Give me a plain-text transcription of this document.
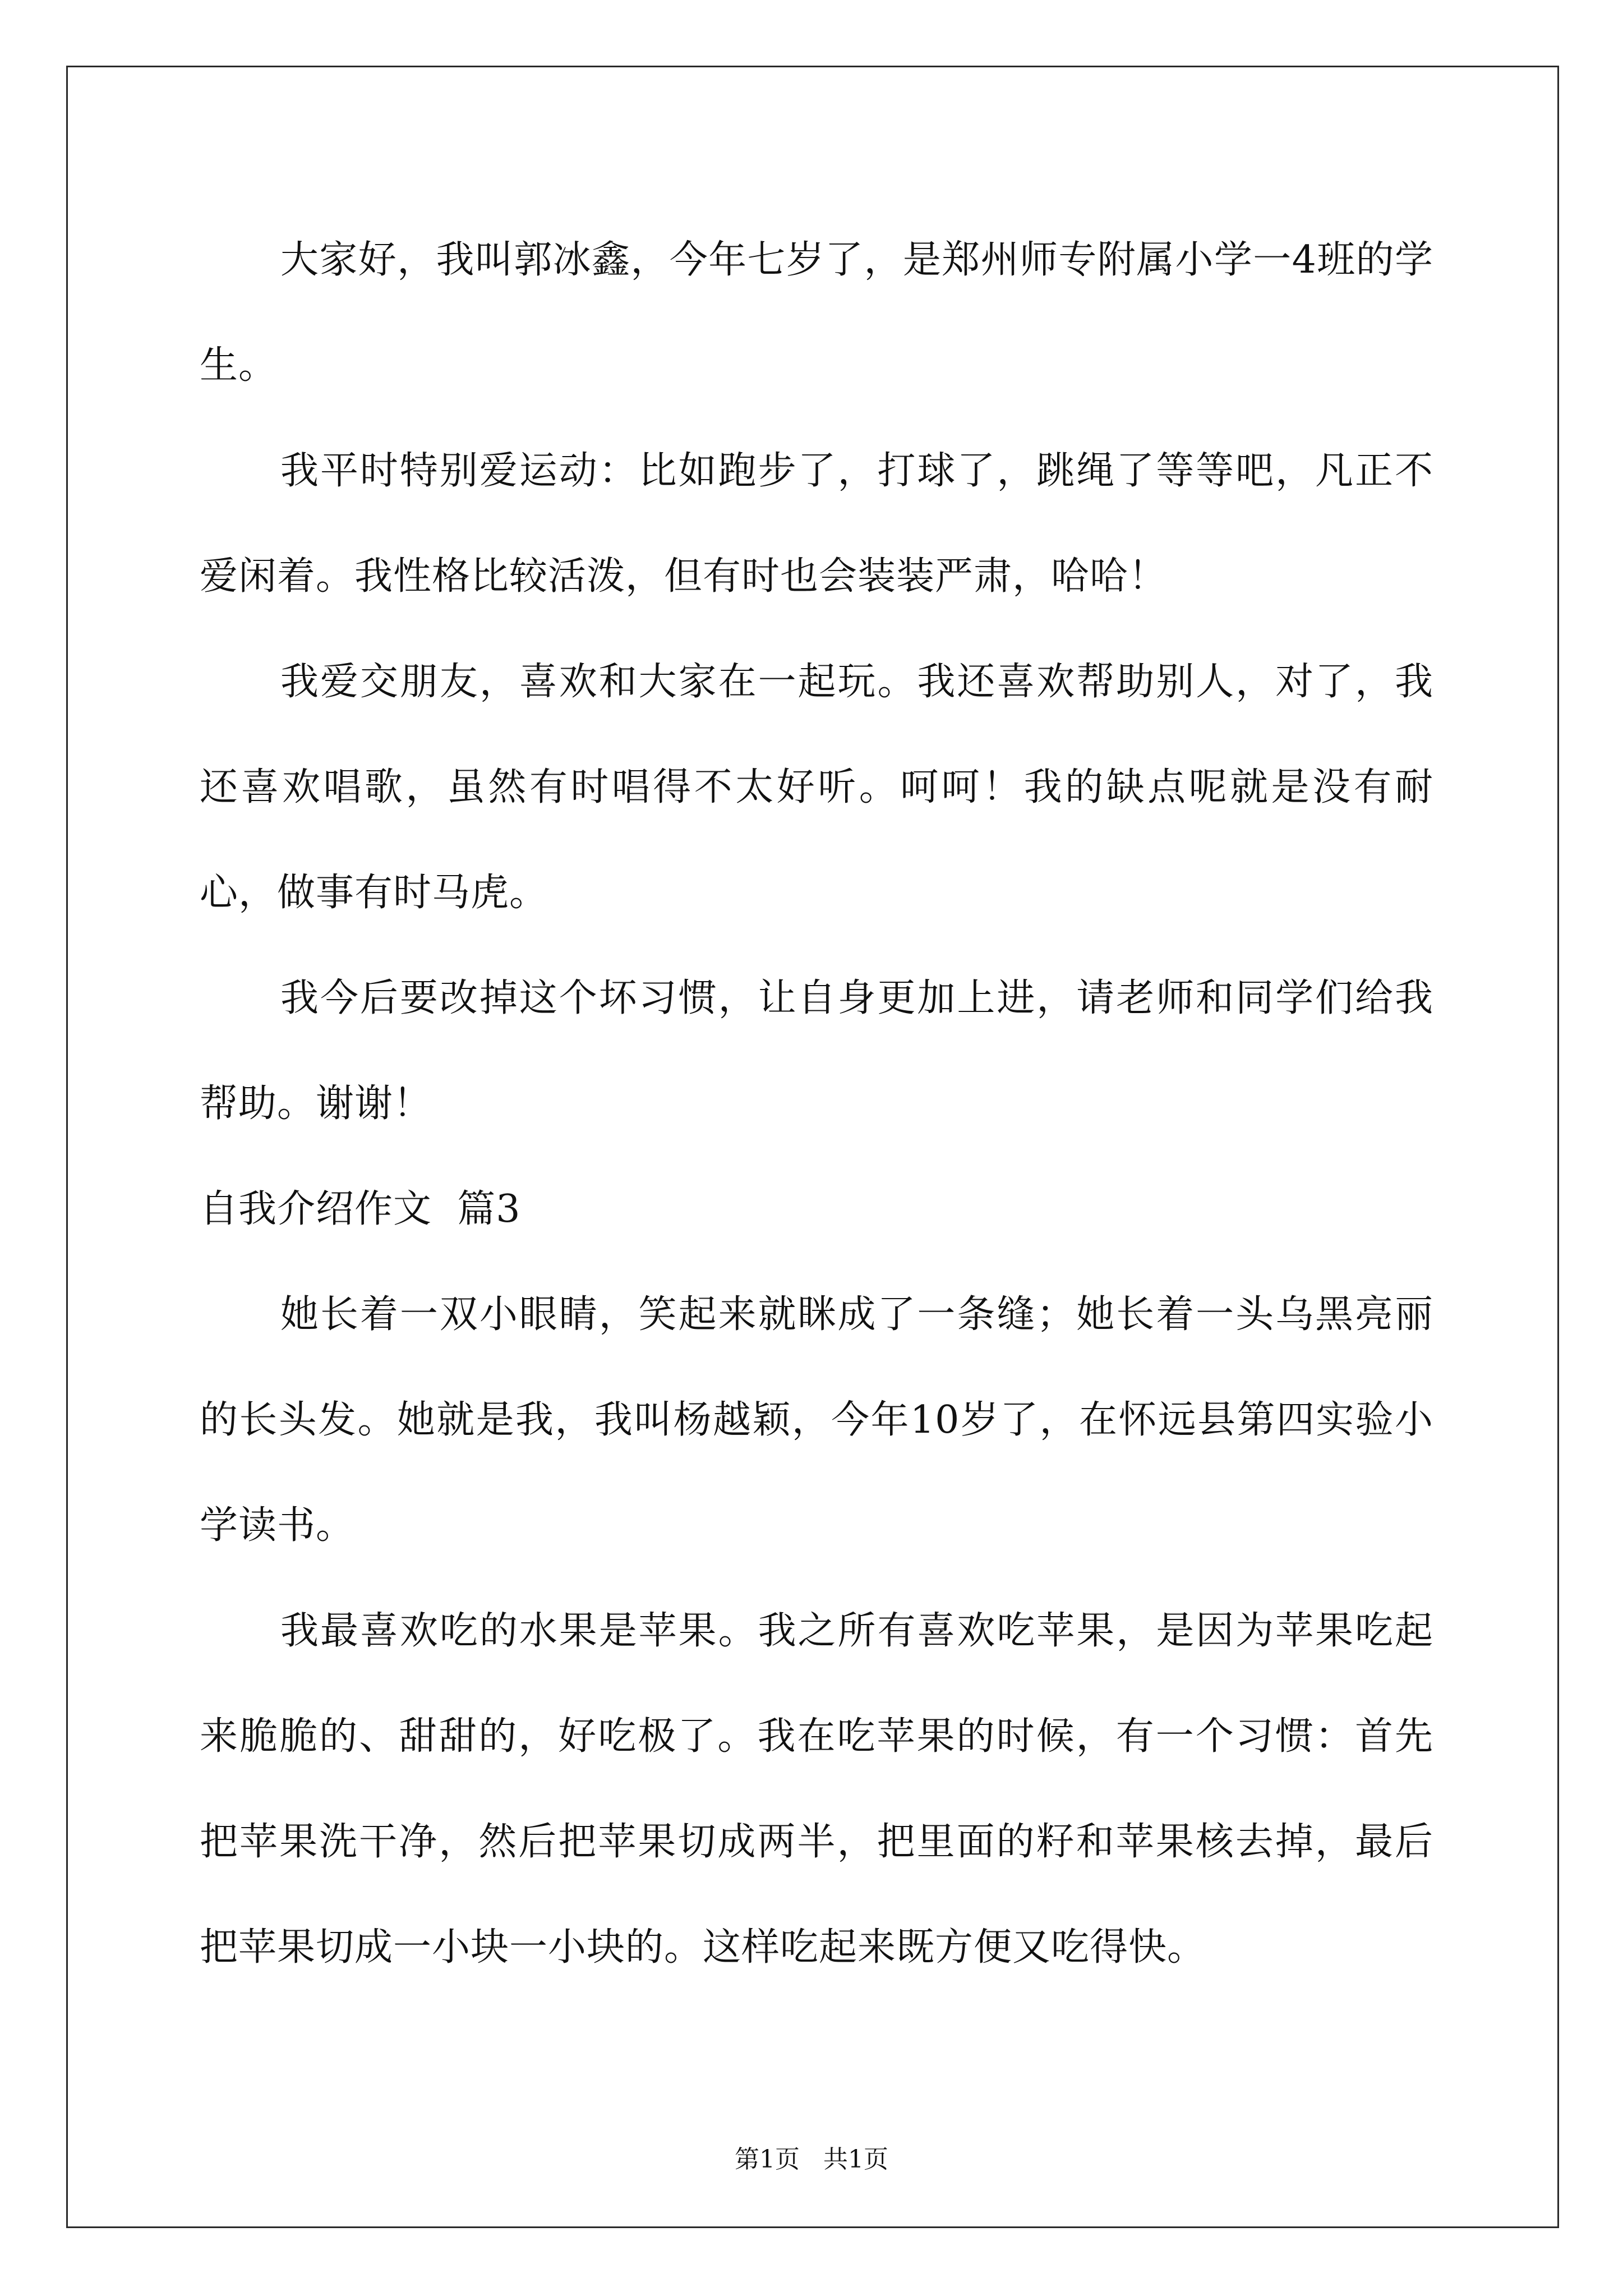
大家好，我叫郭冰鑫，今年七岁了，是郑州师专附属小学一4班的学生。

我平时特别爱运动：比如跑步了，打球了，跳绳了等等吧，凡正不爱闲着。我性格比较活泼，但有时也会装装严肃，哈哈！

我爱交朋友，喜欢和大家在一起玩。我还喜欢帮助别人，对了，我还喜欢唱歌，虽然有时唱得不太好听。呵呵！我的缺点呢就是没有耐心，做事有时马虎。

我今后要改掉这个坏习惯，让自身更加上进，请老师和同学们给我帮助。谢谢！

自我介绍作文  篇3

她长着一双小眼睛，笑起来就眯成了一条缝；她长着一头乌黑亮丽的长头发。她就是我，我叫杨越颖，今年10岁了，在怀远县第四实验小学读书。

我最喜欢吃的水果是苹果。我之所有喜欢吃苹果，是因为苹果吃起来脆脆的、甜甜的，好吃极了。我在吃苹果的时候，有一个习惯：首先把苹果洗干净，然后把苹果切成两半，把里面的籽和苹果核去掉，最后把苹果切成一小块一小块的。这样吃起来既方便又吃得快。

第1页   共1页
